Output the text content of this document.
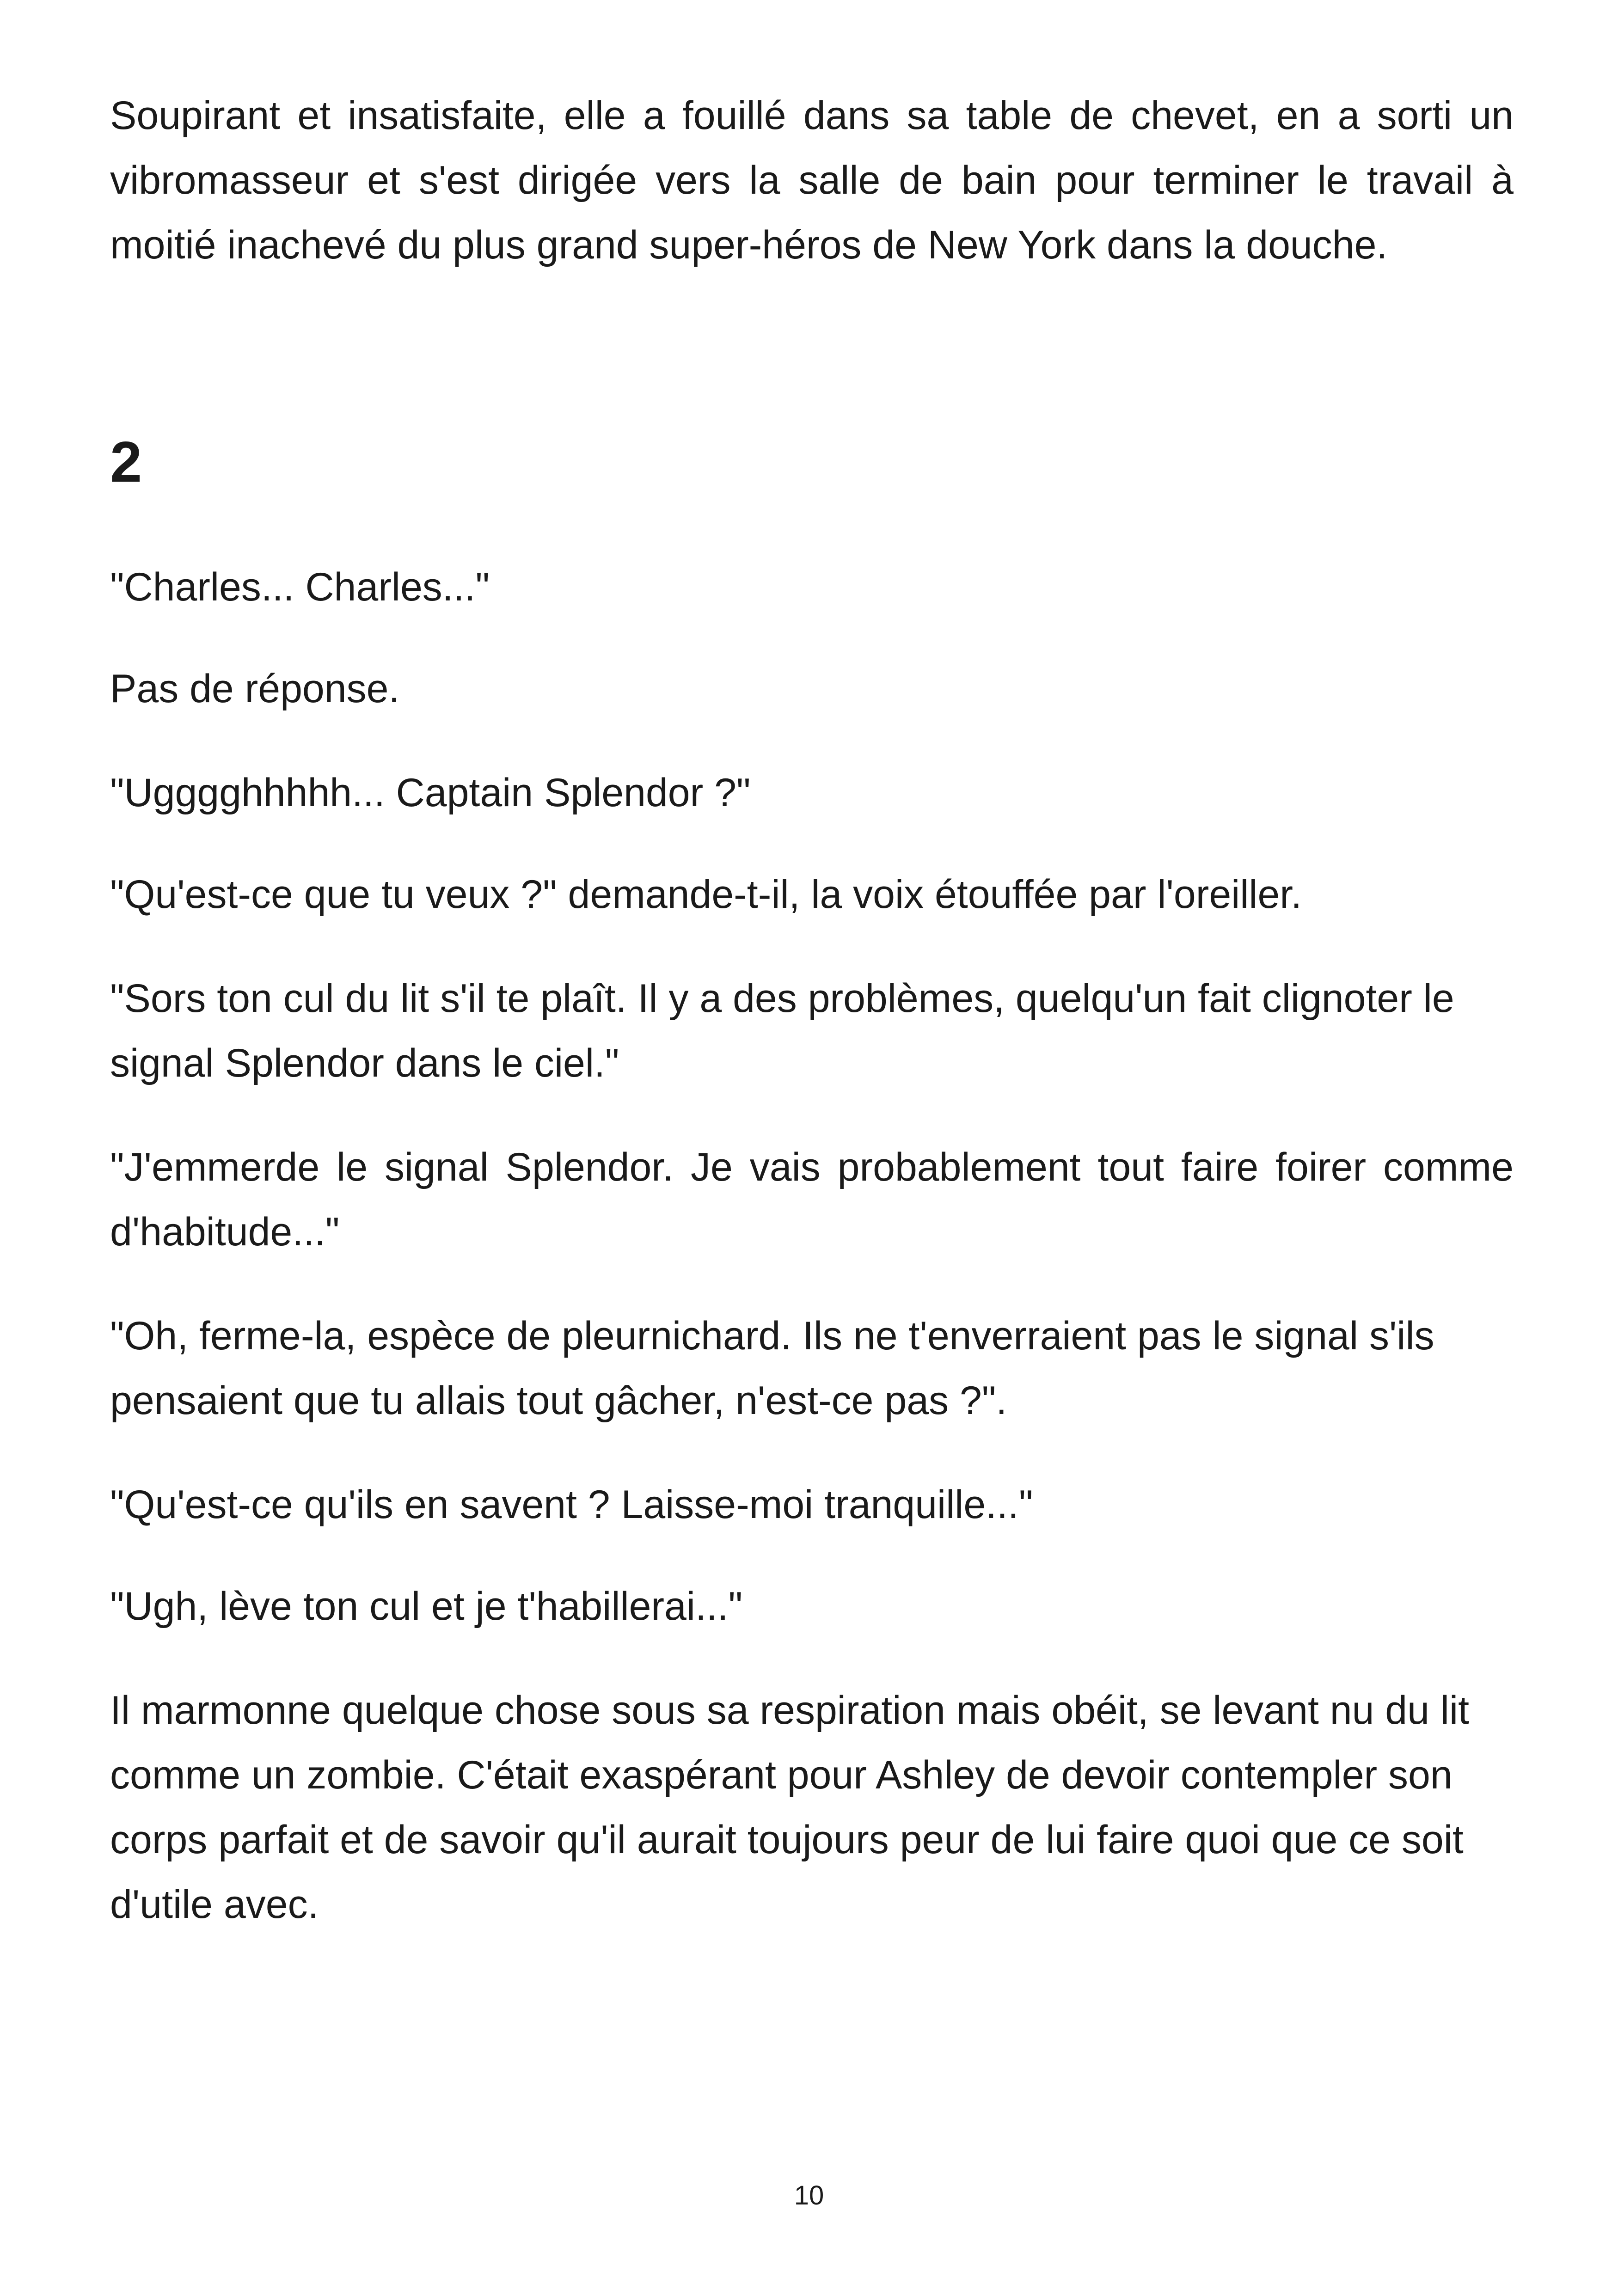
Soupirant et insatisfaite, elle a fouillé dans sa table de chevet, en a sorti un vibromasseur et s'est dirigée vers la salle de bain pour terminer le travail à moitié inachevé du plus grand super-héros de New York dans la douche.

2

"Charles... Charles..."

Pas de réponse.

"Ugggghhhhh... Captain Splendor ?"

"Qu'est-ce que tu veux ?" demande-t-il, la voix étouffée par l'oreiller.

"Sors ton cul du lit s'il te plaît. Il y a des problèmes, quelqu'un fait clignoter le signal Splendor dans le ciel."

"J'emmerde le signal Splendor. Je vais probablement tout faire foirer comme d'habitude..."

"Oh, ferme-la, espèce de pleurnichard. Ils ne t'enverraient pas le signal s'ils pensaient que tu allais tout gâcher, n'est-ce pas ?".

"Qu'est-ce qu'ils en savent ? Laisse-moi tranquille..."

"Ugh, lève ton cul et je t'habillerai..."

Il marmonne quelque chose sous sa respiration mais obéit, se levant nu du lit comme un zombie. C'était exaspérant pour Ashley de devoir contempler son corps parfait et de savoir qu'il aurait toujours peur de lui faire quoi que ce soit d'utile avec.

10
